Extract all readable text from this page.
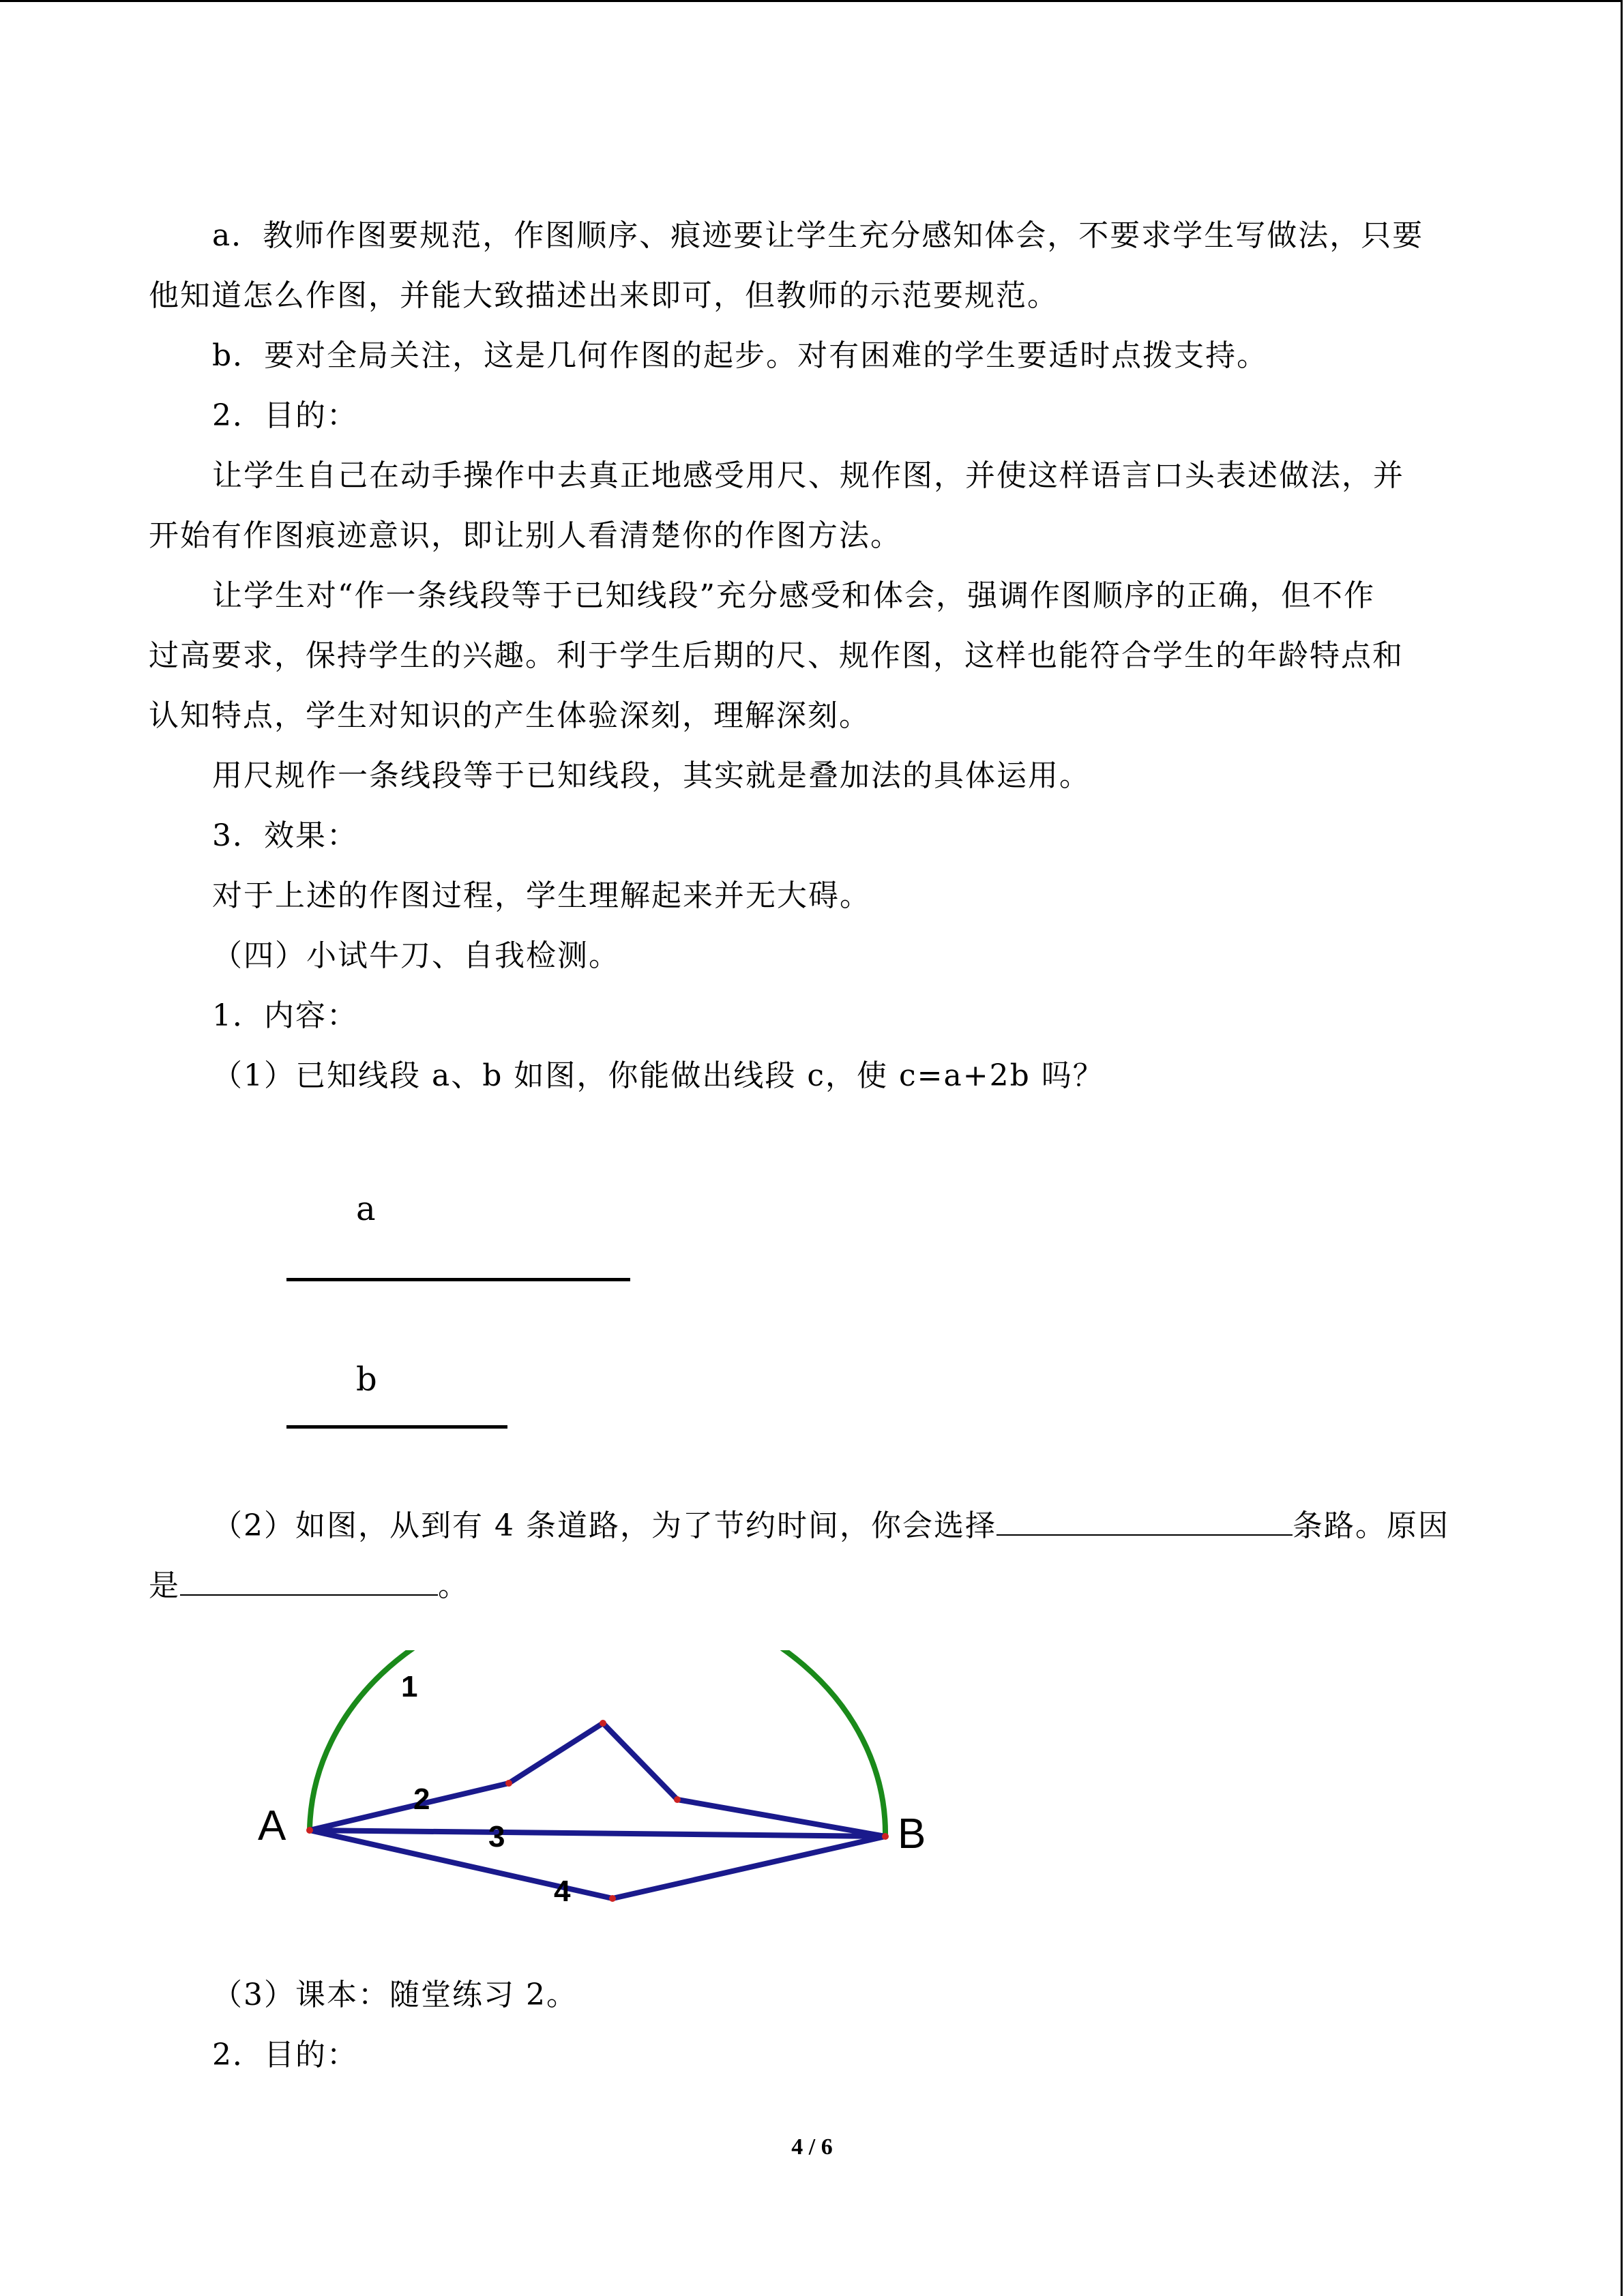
a．教师作图要规范，作图顺序、痕迹要让学生充分感知体会，不要求学生写做法，只要
他知道怎么作图，并能大致描述出来即可，但教师的示范要规范。
b．要对全局关注，这是几何作图的起步。对有困难的学生要适时点拨支持。
2．目的：
让学生自己在动手操作中去真正地感受用尺、规作图，并使这样语言口头表述做法，并
开始有作图痕迹意识，即让别人看清楚你的作图方法。
让学生对“作一条线段等于已知线段”充分感受和体会，强调作图顺序的正确，但不作
过高要求，保持学生的兴趣。利于学生后期的尺、规作图，这样也能符合学生的年龄特点和
认知特点，学生对知识的产生体验深刻，理解深刻。
用尺规作一条线段等于已知线段，其实就是叠加法的具体运用。
3．效果：
对于上述的作图过程，学生理解起来并无大碍。
（四）小试牛刀、自我检测。
1．内容：
（1）已知线段 a、b 如图，你能做出线段 c，使 c=a+2b 吗？
a
b
（2）如图，从到有 4 条道路，为了节约时间，你会选择	条路。原因
是	。
（3）课本：随堂练习 2。
2．目的：
A	B
1
2
3
4
4 / 6
